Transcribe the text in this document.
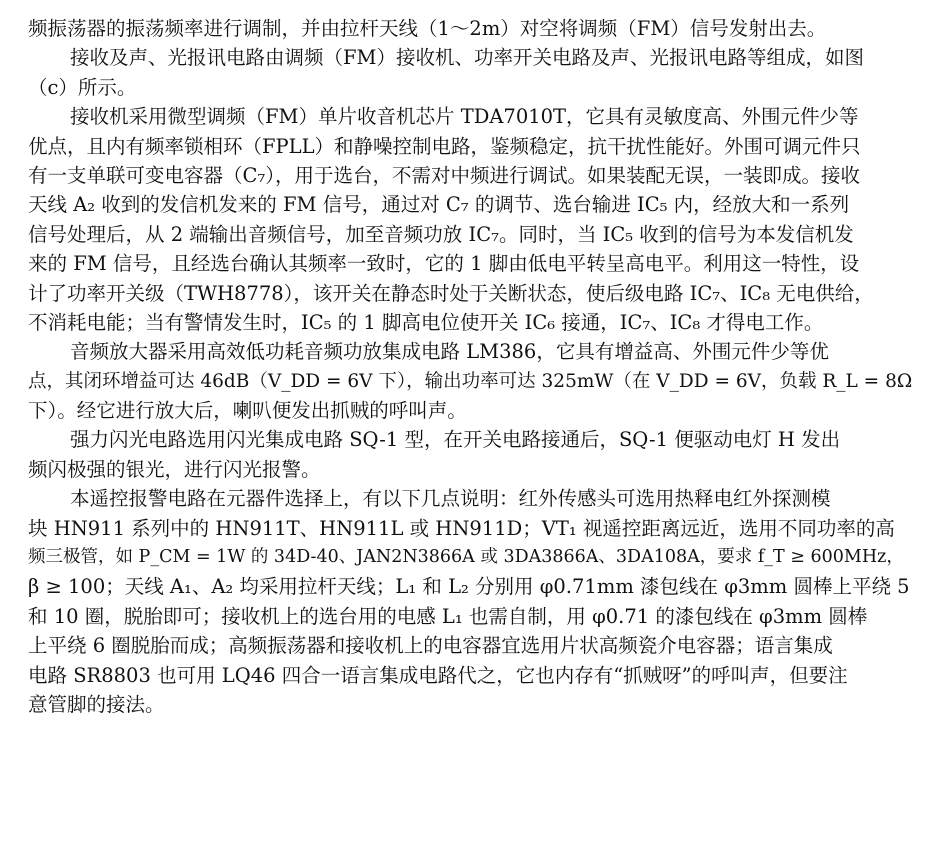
频振荡器的振荡频率进行调制，并由拉杆天线（1～2m）对空将调频（FM）信号发射出去。
接收及声、光报讯电路由调频（FM）接收机、功率开关电路及声、光报讯电路等组成，如图
（c）所示。
接收机采用微型调频（FM）单片收音机芯片 TDA7010T，它具有灵敏度高、外围元件少等
优点，且内有频率锁相环（FPLL）和静噪控制电路，鉴频稳定，抗干扰性能好。外围可调元件只
有一支单联可变电容器（C₇），用于选台，不需对中频进行调试。如果装配无误，一装即成。接收
天线 A₂ 收到的发信机发来的 FM 信号，通过对 C₇ 的调节、选台输进 IC₅ 内，经放大和一系列
信号处理后，从 2 端输出音频信号，加至音频功放 IC₇。同时，当 IC₅ 收到的信号为本发信机发
来的 FM 信号，且经选台确认其频率一致时，它的 1 脚由低电平转呈高电平。利用这一特性，设
计了功率开关级（TWH8778），该开关在静态时处于关断状态，使后级电路 IC₇、IC₈ 无电供给，
不消耗电能；当有警情发生时，IC₅ 的 1 脚高电位使开关 IC₆ 接通，IC₇、IC₈ 才得电工作。
音频放大器采用高效低功耗音频功放集成电路 LM386，它具有增益高、外围元件少等优
点，其闭环增益可达 46dB（V_DD = 6V 下），输出功率可达 325mW（在 V_DD = 6V，负载 R_L = 8Ω
下）。经它进行放大后，喇叭便发出抓贼的呼叫声。
强力闪光电路选用闪光集成电路 SQ-1 型，在开关电路接通后，SQ-1 便驱动电灯 H 发出
频闪极强的银光，进行闪光报警。
本遥控报警电路在元器件选择上，有以下几点说明：红外传感头可选用热释电红外探测模
块 HN911 系列中的 HN911T、HN911L 或 HN911D；VT₁ 视遥控距离远近，选用不同功率的高
频三极管，如 P_CM = 1W 的 34D-40、JAN2N3866A 或 3DA3866A、3DA108A，要求 f_T ≥ 600MHz，
β ≥ 100；天线 A₁、A₂ 均采用拉杆天线；L₁ 和 L₂ 分别用 φ0.71mm 漆包线在 φ3mm 圆棒上平绕 5
和 10 圈，脱胎即可；接收机上的选台用的电感 L₁ 也需自制，用 φ0.71 的漆包线在 φ3mm 圆棒
上平绕 6 圈脱胎而成；高频振荡器和接收机上的电容器宜选用片状高频瓷介电容器；语言集成
电路 SR8803 也可用 LQ46 四合一语言集成电路代之，它也内存有“抓贼呀”的呼叫声，但要注
意管脚的接法。
